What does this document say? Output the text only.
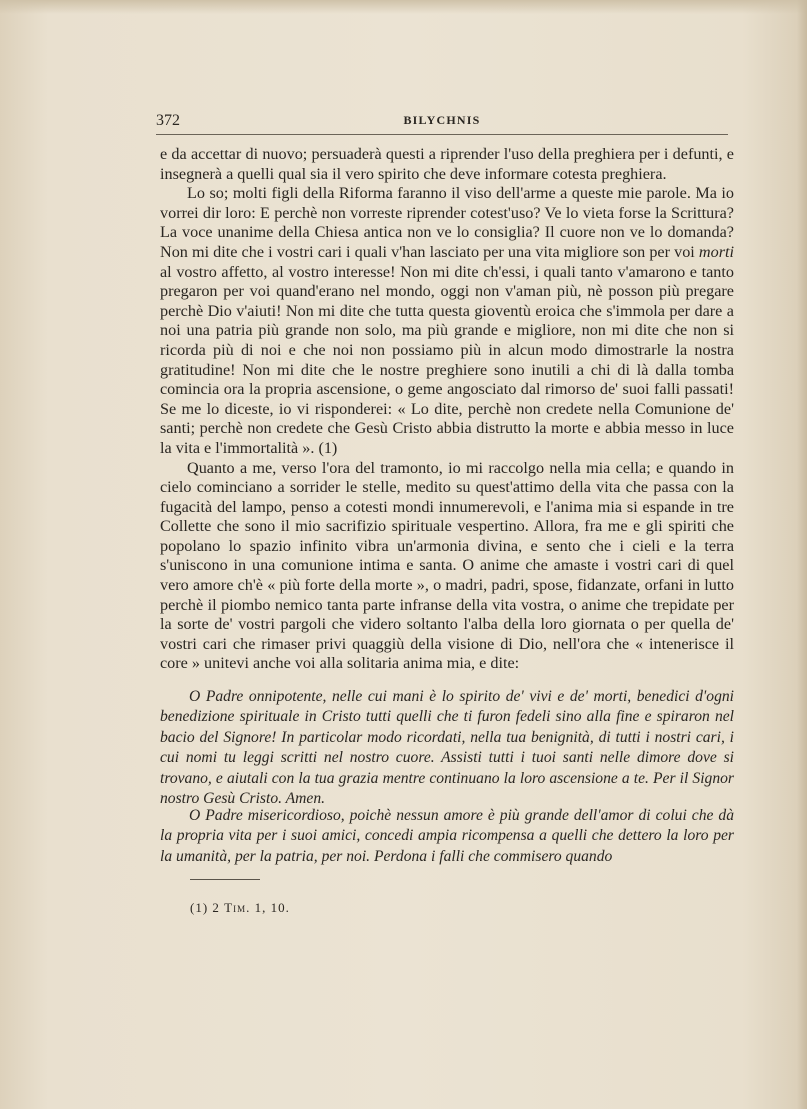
372	BILYCHNIS

e da accettar di nuovo; persuaderà questi a riprender l'uso della preghiera per i defunti, e insegnerà a quelli qual sia il vero spirito che deve informare cotesta preghiera.

Lo so; molti figli della Riforma faranno il viso dell'arme a queste mie parole. Ma io vorrei dir loro: E perchè non vorreste riprender cotest'uso? Ve lo vieta forse la Scrittura? La voce unanime della Chiesa antica non ve lo consiglia? Il cuore non ve lo domanda? Non mi dite che i vostri cari i quali v'han lasciato per una vita migliore son per voi morti al vostro affetto, al vostro interesse! Non mi dite ch'essi, i quali tanto v'amarono e tanto pregaron per voi quand'erano nel mondo, oggi non v'aman più, nè posson più pregare perchè Dio v'aiuti! Non mi dite che tutta questa gioventù eroica che s'immola per dare a noi una patria più grande non solo, ma più grande e migliore, non mi dite che non si ricorda più di noi e che noi non possiamo più in alcun modo dimostrarle la nostra gratitudine! Non mi dite che le nostre preghiere sono inutili a chi di là dalla tomba comincia ora la propria ascensione, o geme angosciato dal rimorso de' suoi falli passati! Se me lo diceste, io vi risponderei: « Lo dite, perchè non credete nella Comunione de' santi; perchè non credete che Gesù Cristo abbia distrutto la morte e abbia messo in luce la vita e l'immortalità ». (1)

Quanto a me, verso l'ora del tramonto, io mi raccolgo nella mia cella; e quando in cielo cominciano a sorrider le stelle, medito su quest'attimo della vita che passa con la fugacità del lampo, penso a cotesti mondi innumerevoli, e l'anima mia si espande in tre Collette che sono il mio sacrifizio spirituale vespertino. Allora, fra me e gli spiriti che popolano lo spazio infinito vibra un'armonia divina, e sento che i cieli e la terra s'uniscono in una comunione intima e santa. O anime che amaste i vostri cari di quel vero amore ch'è « più forte della morte », o madri, padri, spose, fidanzate, orfani in lutto perchè il piombo nemico tanta parte infranse della vita vostra, o anime che trepidate per la sorte de' vostri pargoli che videro soltanto l'alba della loro giornata o per quella de' vostri cari che rimaser privi quaggiù della visione di Dio, nell'ora che « intenerisce il core » unitevi anche voi alla solitaria anima mia, e dite:

O Padre onnipotente, nelle cui mani è lo spirito de' vivi e de' morti, benedici d'ogni benedizione spirituale in Cristo tutti quelli che ti furon fedeli sino alla fine e spiraron nel bacio del Signore! In particolar modo ricordati, nella tua benignità, di tutti i nostri cari, i cui nomi tu leggi scritti nel nostro cuore. Assisti tutti i tuoi santi nelle dimore dove si trovano, e aiutali con la tua grazia mentre continuano la loro ascensione a te. Per il Signor nostro Gesù Cristo. Amen.

O Padre misericordioso, poichè nessun amore è più grande dell'amor di colui che dà la propria vita per i suoi amici, concedi ampia ricompensa a quelli che dettero la loro per la umanità, per la patria, per noi. Perdona i falli che commisero quando

(1) 2 Tim. 1, 10.
